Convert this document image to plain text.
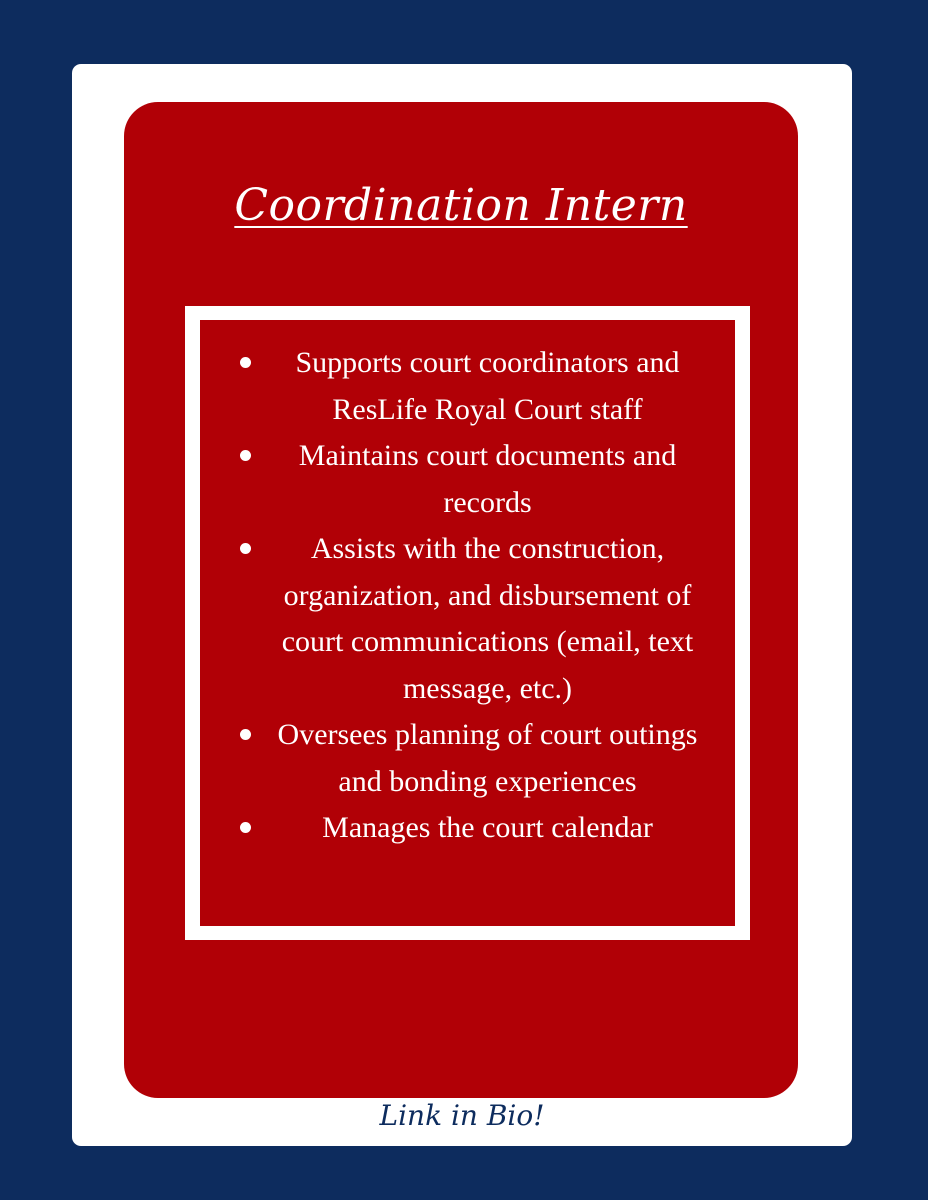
Coordination Intern
Supports court coordinators and ResLife Royal Court staff
Maintains court documents and records
Assists with the construction, organization, and disbursement of court communications (email, text message, etc.)
Oversees planning of court outings and bonding experiences
Manages the court calendar
Link in Bio!
